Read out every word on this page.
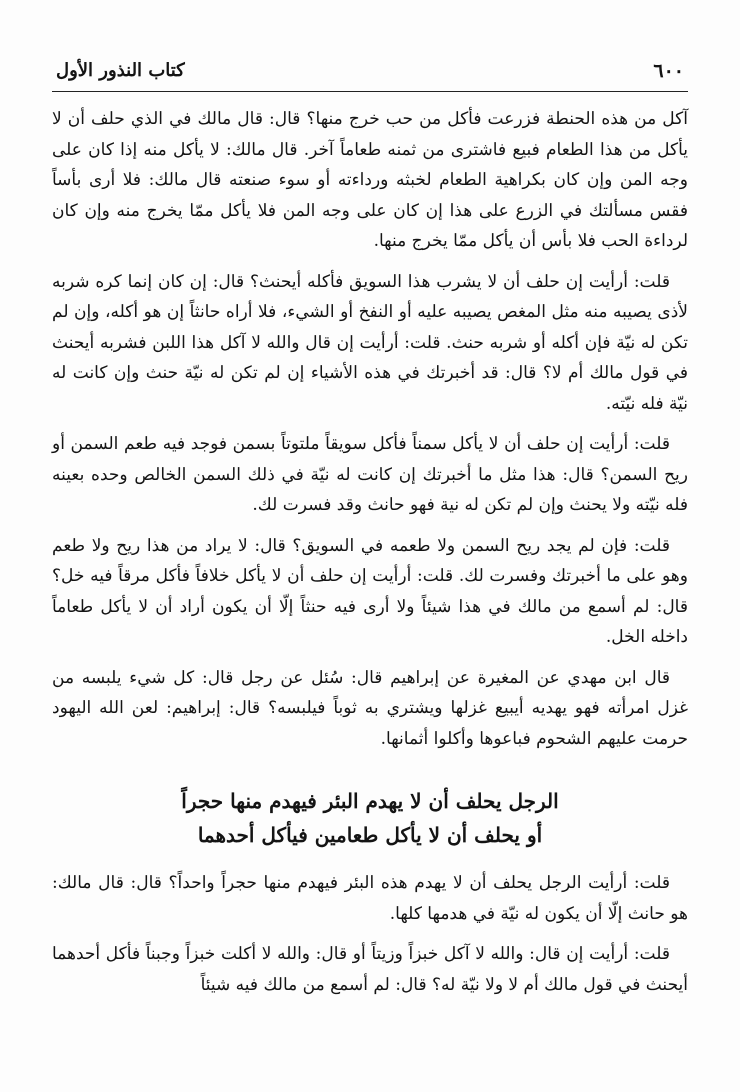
٦٠٠
كتاب النذور الأول

آكل من هذه الحنطة فزرعت فأكل من حب خرج منها؟ قال: قال مالك في الذي حلف أن لا يأكل من هذا الطعام فبيع فاشترى من ثمنه طعاماً آخر. قال مالك: لا يأكل منه إذا كان على وجه المن وإن كان بكراهية الطعام لخبثه ورداءته أو سوء صنعته قال مالك: فلا أرى بأساً فقس مسألتك في الزرع على هذا إن كان على وجه المن فلا يأكل ممّا يخرج منه وإن كان لرداءة الحب فلا بأس أن يأكل ممّا يخرج منها.

قلت: أرأيت إن حلف أن لا يشرب هذا السويق فأكله أيحنث؟ قال: إن كان إنما كره شربه لأذى يصيبه منه مثل المغص يصيبه عليه أو النفخ أو الشيء، فلا أراه حانثاً إن هو أكله، وإن لم تكن له نيّة فإن أكله أو شربه حنث. قلت: أرأيت إن قال والله لا آكل هذا اللبن فشربه أيحنث في قول مالك أم لا؟ قال: قد أخبرتك في هذه الأشياء إن لم تكن له نيّة حنث وإن كانت له نيّة فله نيّته.

قلت: أرأيت إن حلف أن لا يأكل سمناً فأكل سويقاً ملتوتاً بسمن فوجد فيه طعم السمن أو ريح السمن؟ قال: هذا مثل ما أخبرتك إن كانت له نيّة في ذلك السمن الخالص وحده بعينه فله نيّته ولا يحنث وإن لم تكن له نية فهو حانث وقد فسرت لك.

قلت: فإن لم يجد ريح السمن ولا طعمه في السويق؟ قال: لا يراد من هذا ريح ولا طعم وهو على ما أخبرتك وفسرت لك. قلت: أرأيت إن حلف أن لا يأكل خلافاً فأكل مرقاً فيه خل؟ قال: لم أسمع من مالك في هذا شيئاً ولا أرى فيه حنثاً إلّا أن يكون أراد أن لا يأكل طعاماً داخله الخل.

قال ابن مهدي عن المغيرة عن إبراهيم قال: سُئل عن رجل قال: كل شيء يلبسه من غزل امرأته فهو يهديه أيبيع غزلها ويشتري به ثوباً فيلبسه؟ قال: إبراهيم: لعن الله اليهود حرمت عليهم الشحوم فباعوها وأكلوا أثمانها.

الرجل يحلف أن لا يهدم البئر فيهدم منها حجراً
أو يحلف أن لا يأكل طعامين فيأكل أحدهما

قلت: أرأيت الرجل يحلف أن لا يهدم هذه البئر فيهدم منها حجراً واحداً؟ قال: قال مالك: هو حانث إلّا أن يكون له نيّة في هدمها كلها.

قلت: أرأيت إن قال: والله لا آكل خبزاً وزيتاً أو قال: والله لا أكلت خبزاً وجبناً فأكل أحدهما أيحنث في قول مالك أم لا ولا نيّة له؟ قال: لم أسمع من مالك فيه شيئاً
